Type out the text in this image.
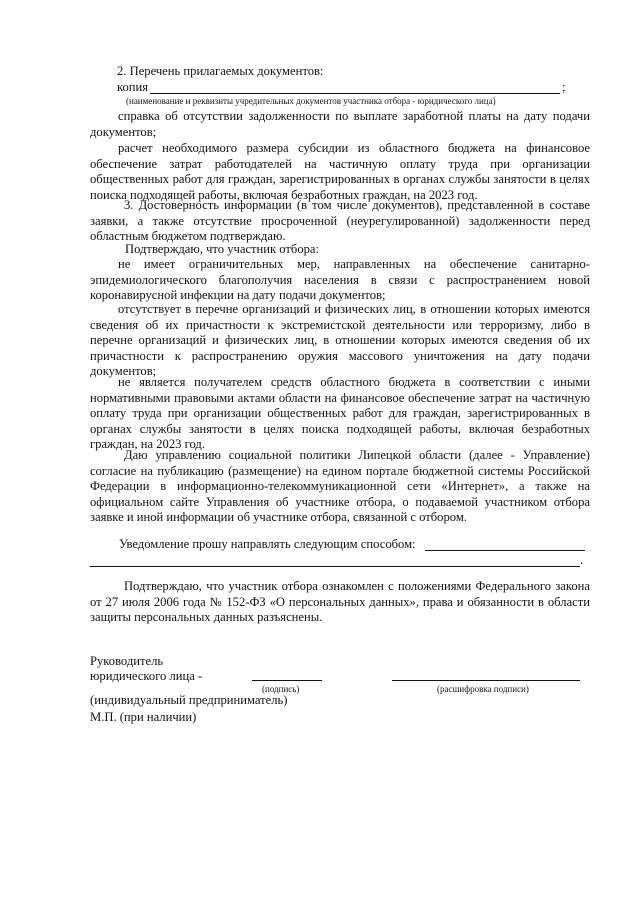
2. Перечень прилагаемых документов:

копия	;

(наименование и реквизиты учредительных документов участника отбора - юридического лица)

справка об отсутствии задолженности по выплате заработной платы на дату подачи документов;

расчет необходимого размера субсидии из областного бюджета на финансовое обеспечение затрат работодателей на частичную оплату труда при организации общественных работ для граждан, зарегистрированных в органах службы занятости в целях поиска подходящей работы, включая безработных граждан, на 2023 год.

3. Достоверность информации (в том числе документов), представленной в составе заявки, а также отсутствие просроченной (неурегулированной) задолженности перед областным бюджетом подтверждаю.

Подтверждаю, что участник отбора:

не имеет ограничительных мер, направленных на обеспечение санитарно-эпидемиологического благополучия населения в связи с распространением новой коронавирусной инфекции на дату подачи документов;

отсутствует в перечне организаций и физических лиц, в отношении которых имеются сведения об их причастности к экстремистской деятельности или терроризму, либо в перечне организаций и физических лиц, в отношении которых имеются сведения об их причастности к распространению оружия массового уничтожения на дату подачи документов;

не является получателем средств областного бюджета в соответствии с иными нормативными правовыми актами области на финансовое обеспечение затрат на частичную оплату труда при организации общественных работ для граждан, зарегистрированных в органах службы занятости в целях поиска подходящей работы, включая безработных граждан, на 2023 год.

Даю управлению социальной политики Липецкой области (далее - Управление) согласие на публикацию (размещение) на едином портале бюджетной системы Российской Федерации в информационно-телекоммуникационной сети «Интернет», а также на официальном сайте Управления об участнике отбора, о подаваемой участником отбора заявке и иной информации об участнике отбора, связанной с отбором.

Уведомление прошу направлять следующим способом:

.

Подтверждаю, что участник отбора ознакомлен с положениями Федерального закона от 27 июля 2006 года № 152-ФЗ «О персональных данных», права и обязанности в области защиты персональных данных разъяснены.

Руководитель

юридического лица -

(подпись)	(расшифровка подписи)

(индивидуальный предприниматель)

М.П. (при наличии)
